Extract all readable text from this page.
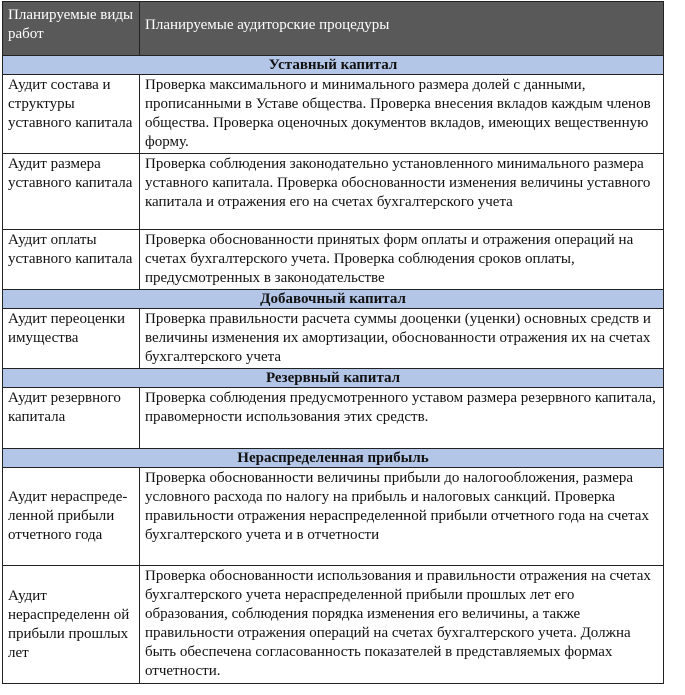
Планируемые виды работ	Планируемые аудиторские процедуры
Уставный капитал	
Аудит состава и структуры уставного капитала	Проверка максимального и минимального размера долей с данными, прописанными в Уставе общества. Проверка внесения вкладов каждым членов общества. Проверка оценочных документов вкладов, имеющих вещественную форму.
Аудит размера уставного капитала	Проверка соблюдения законодательно установленного минимального размера уставного капитала. Проверка обоснованности изменения величины уставного капитала и отражения его на счетах бухгалтерского учета
Аудит оплаты уставного капитала	Проверка обоснованности принятых форм оплаты и отражения операций на счетах бухгалтерского учета. Проверка соблюдения сроков оплаты, предусмотренных в законодательстве
Добавочный капитал	
Аудит переоценки имущества	Проверка правильности расчета суммы дооценки (уценки) основных средств и величины изменения их амортизации, обоснованности отражения их на счетах бухгалтерского учета
Резервный капитал	
Аудит резервного капитала	Проверка соблюдения предусмотренного уставом размера резервного капитала, правомерности использования этих средств.
Нераспределенная прибыль	
Аудит нераспреде-ленной прибыли отчетного года	Проверка обоснованности величины прибыли до налогообложения, размера условного расхода по налогу на прибыль и налоговых санкций. Проверка правильности отражения нераспределенной прибыли отчетного года на счетах бухгалтерского учета и в отчетности
Аудит нераспределенн ой прибыли прошлых лет	Проверка обоснованности использования и правильности отражения на счетах бухгалтерского учета нераспределенной прибыли прошлых лет его образования, соблюдения порядка изменения его величины, а также правильности отражения операций на счетах бухгалтерского учета. Должна быть обеспечена согласованность показателей в представляемых формах отчетности.
